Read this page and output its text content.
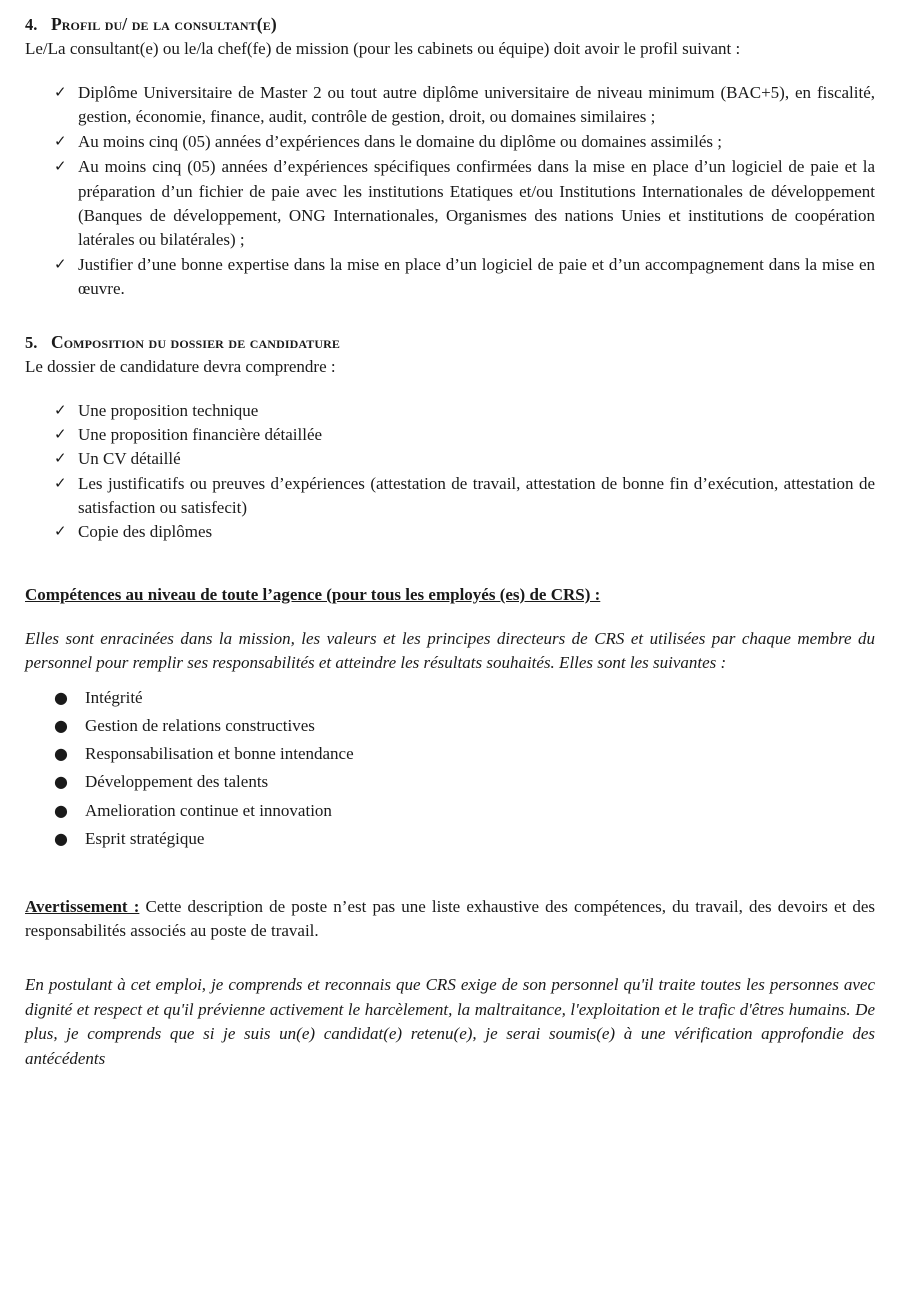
4. Profil du/ de la consultant(e)

Le/La consultant(e) ou le/la chef(fe) de mission (pour les cabinets ou équipe) doit avoir le profil suivant :

✓ Diplôme Universitaire de Master 2 ou tout autre diplôme universitaire de niveau minimum (BAC+5), en fiscalité, gestion, économie, finance, audit, contrôle de gestion, droit, ou domaines similaires ;
✓ Au moins cinq (05) années d’expériences dans le domaine du diplôme ou domaines assimilés ;
✓ Au moins cinq (05) années d’expériences spécifiques confirmées dans la mise en place d’un logiciel de paie et la préparation d’un fichier de paie avec les institutions Etatiques et/ou Institutions Internationales de développement (Banques de développement, ONG Internationales, Organismes des nations Unies et institutions de coopération latérales ou bilatérales) ;
✓ Justifier d’une bonne expertise dans la mise en place d’un logiciel de paie et d’un accompagnement dans la mise en œuvre.
5. Composition du dossier de candidature

Le dossier de candidature devra comprendre :

✓ Une proposition technique
✓ Une proposition financière détaillée
✓ Un CV détaillé
✓ Les justificatifs ou preuves d’expériences (attestation de travail, attestation de bonne fin d’exécution, attestation de satisfaction ou satisfecit)
✓ Copie des diplômes

Compétences au niveau de toute l’agence (pour tous les employés (es) de CRS) :

Elles sont enracinées dans la mission, les valeurs et les principes directeurs de CRS et utilisées par chaque membre du personnel pour remplir ses responsabilités et atteindre les résultats souhaités. Elles sont les suivantes :

● Intégrité
● Gestion de relations constructives
● Responsabilisation et bonne intendance
● Développement des talents
● Amelioration continue et innovation
● Esprit stratégique

Avertissement : Cette description de poste n’est pas une liste exhaustive des compétences, du travail, des devoirs et des responsabilités associés au poste de travail.

En postulant à cet emploi, je comprends et reconnais que CRS exige de son personnel qu'il traite toutes les personnes avec dignité et respect et qu'il prévienne activement le harcèlement, la maltraitance, l'exploitation et le trafic d'êtres humains. De plus, je comprends que si je suis un(e) candidat(e) retenu(e), je serai soumis(e) à une vérification approfondie des antécédents
